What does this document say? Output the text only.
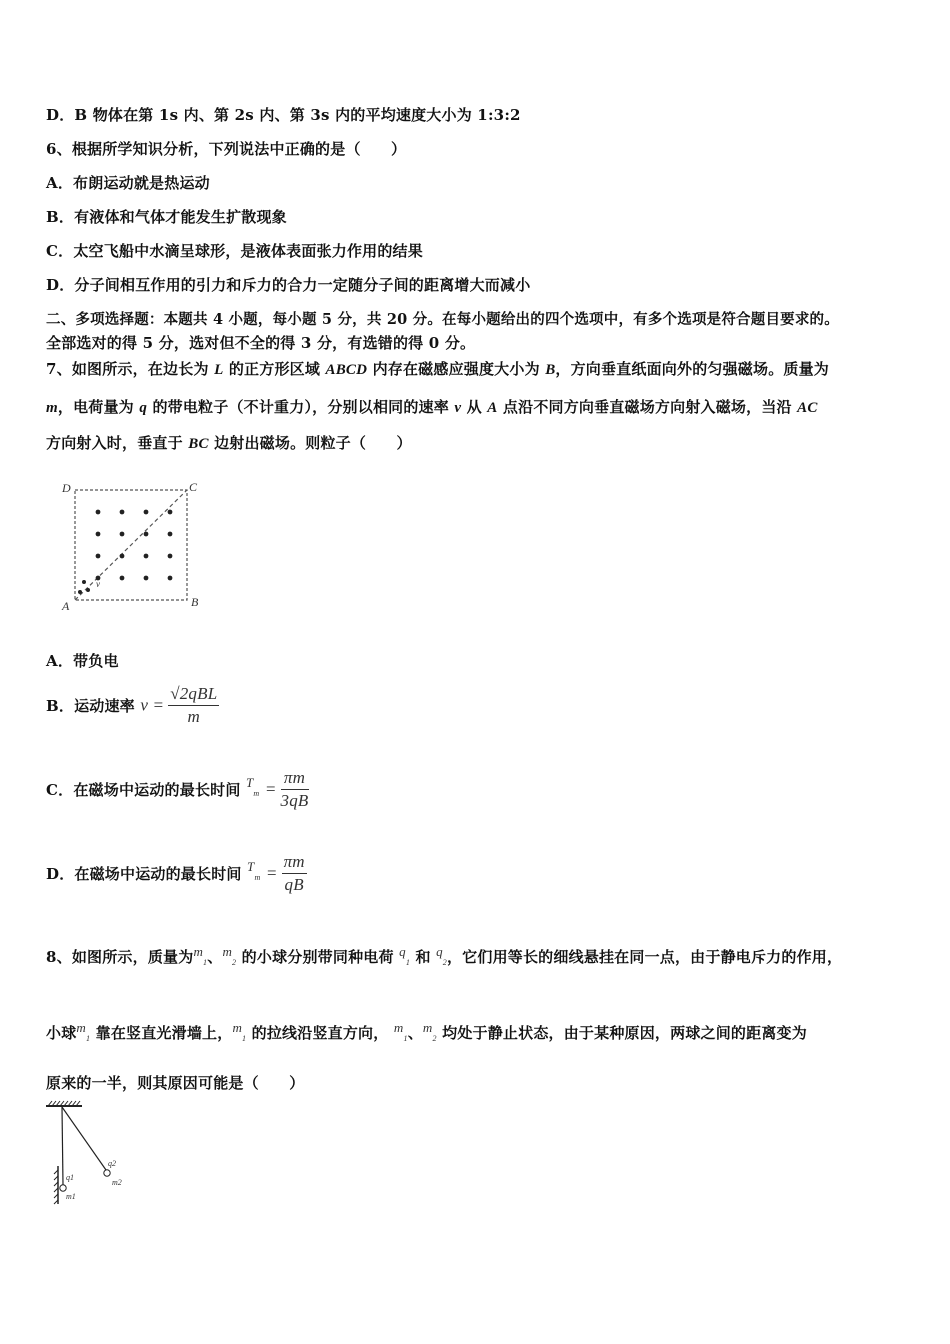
D．B 物体在第 1s 内、第 2s 内、第 3s 内的平均速度大小为 1:3:2
6、根据所学知识分析，下列说法中正确的是（　　）
A．布朗运动就是热运动
B．有液体和气体才能发生扩散现象
C．太空飞船中水滴呈球形，是液体表面张力作用的结果
D．分子间相互作用的引力和斥力的合力一定随分子间的距离增大而减小
二、多项选择题：本题共 4 小题，每小题 5 分，共 20 分。在每小题给出的四个选项中，有多个选项是符合题目要求的。
全部选对的得 5 分，选对但不全的得 3 分，有选错的得 0 分。
7、如图所示，在边长为 L 的正方形区域 ABCD 内存在磁感应强度大小为 B，方向垂直纸面向外的匀强磁场。质量为
m，电荷量为 q 的带电粒子（不计重力），分别以相同的速率 v 从 A 点沿不同方向垂直磁场方向射入磁场，当沿 AC
方向射入时，垂直于 BC 边射出磁场。则粒子（　　）
D	C
A	B
v
A．带负电
B．运动速率 $v = \frac{\text{√2qBL}}{m}$
C．在磁场中运动的最长时间 $T_m = \frac{\pi m}{3qB}$
D．在磁场中运动的最长时间 $T_m = \frac{\pi m}{qB}$
8、如图所示，质量为$m_1$、$m_2$ 的小球分别带同种电荷 $q_1$ 和 $q_2$，它们用等长的细线悬挂在同一点，由于静电斥力的作用，
小球$m_1$ 靠在竖直光滑墙上，$m_1$ 的拉线沿竖直方向， $m_1$、$m_2$ 均处于静止状态，由于某种原因，两球之间的距离变为
原来的一半，则其原因可能是（　　）
q1
m1
q2
m2
